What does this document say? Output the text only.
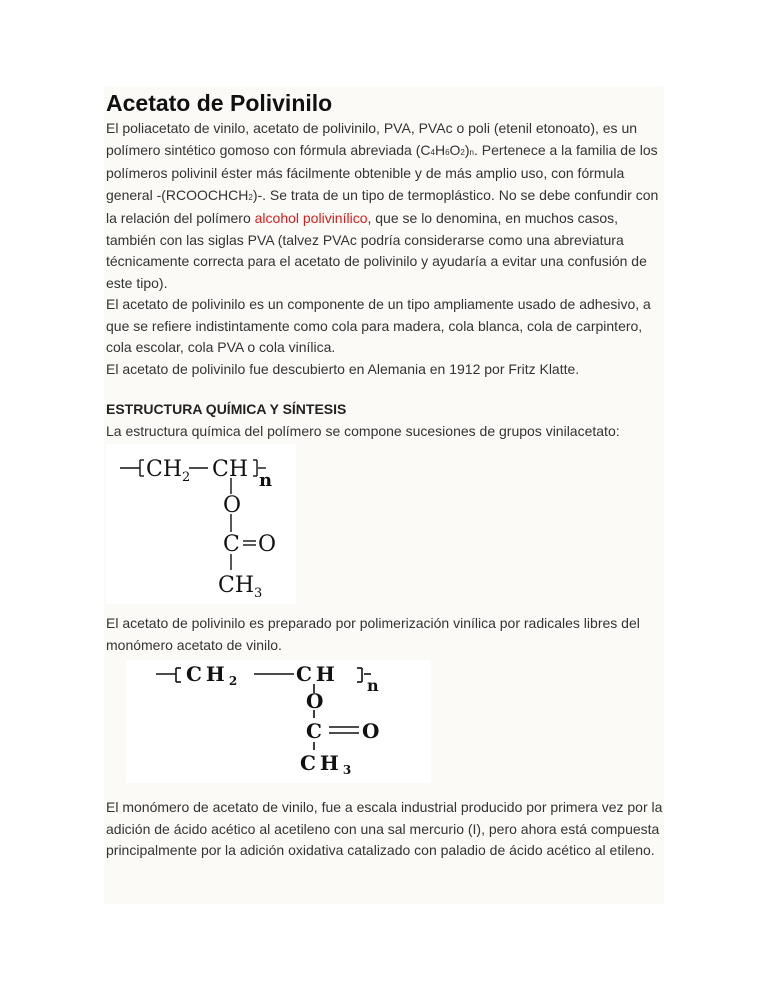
Acetato de Polivinilo

El poliacetato de vinilo, acetato de polivinilo, PVA, PVAc o poli (etenil etonoato), es un polímero sintético gomoso con fórmula abreviada (C4H6O2)n. Pertenece a la familia de los polímeros polivinil éster más fácilmente obtenible y de más amplio uso, con fórmula general -(RCOOCHCH2)-. Se trata de un tipo de termoplástico. No se debe confundir con la relación del polímero alcohol polivinílico, que se lo denomina, en muchos casos, también con las siglas PVA (talvez PVAc podría considerarse como una abreviatura técnicamente correcta para el acetato de polivinilo y ayudaría a evitar una confusión de este tipo).

El acetato de polivinilo es un componente de un tipo ampliamente usado de adhesivo, a que se refiere indistintamente como cola para madera, cola blanca, cola de carpintero, cola escolar, cola PVA o cola vinílica.

El acetato de polivinilo fue descubierto en Alemania en 1912 por Fritz Klatte.

ESTRUCTURA QUÍMICA Y SÍNTESIS

La estructura química del polímero se compone sucesiones de grupos vinilacetato:

$CH_2$ CH n
O
C O
$CH_3$

El acetato de polivinilo es preparado por polimerización vinílica por radicales libres del monómero acetato de vinilo.

$CH_2$	CH n
O
C O
$CH_3$

El monómero de acetato de vinilo, fue a escala industrial producido por primera vez por la adición de ácido acético al acetileno con una sal mercurio (I), pero ahora está compuesta principalmente por la adición oxidativa catalizado con paladio de ácido acético al etileno.
